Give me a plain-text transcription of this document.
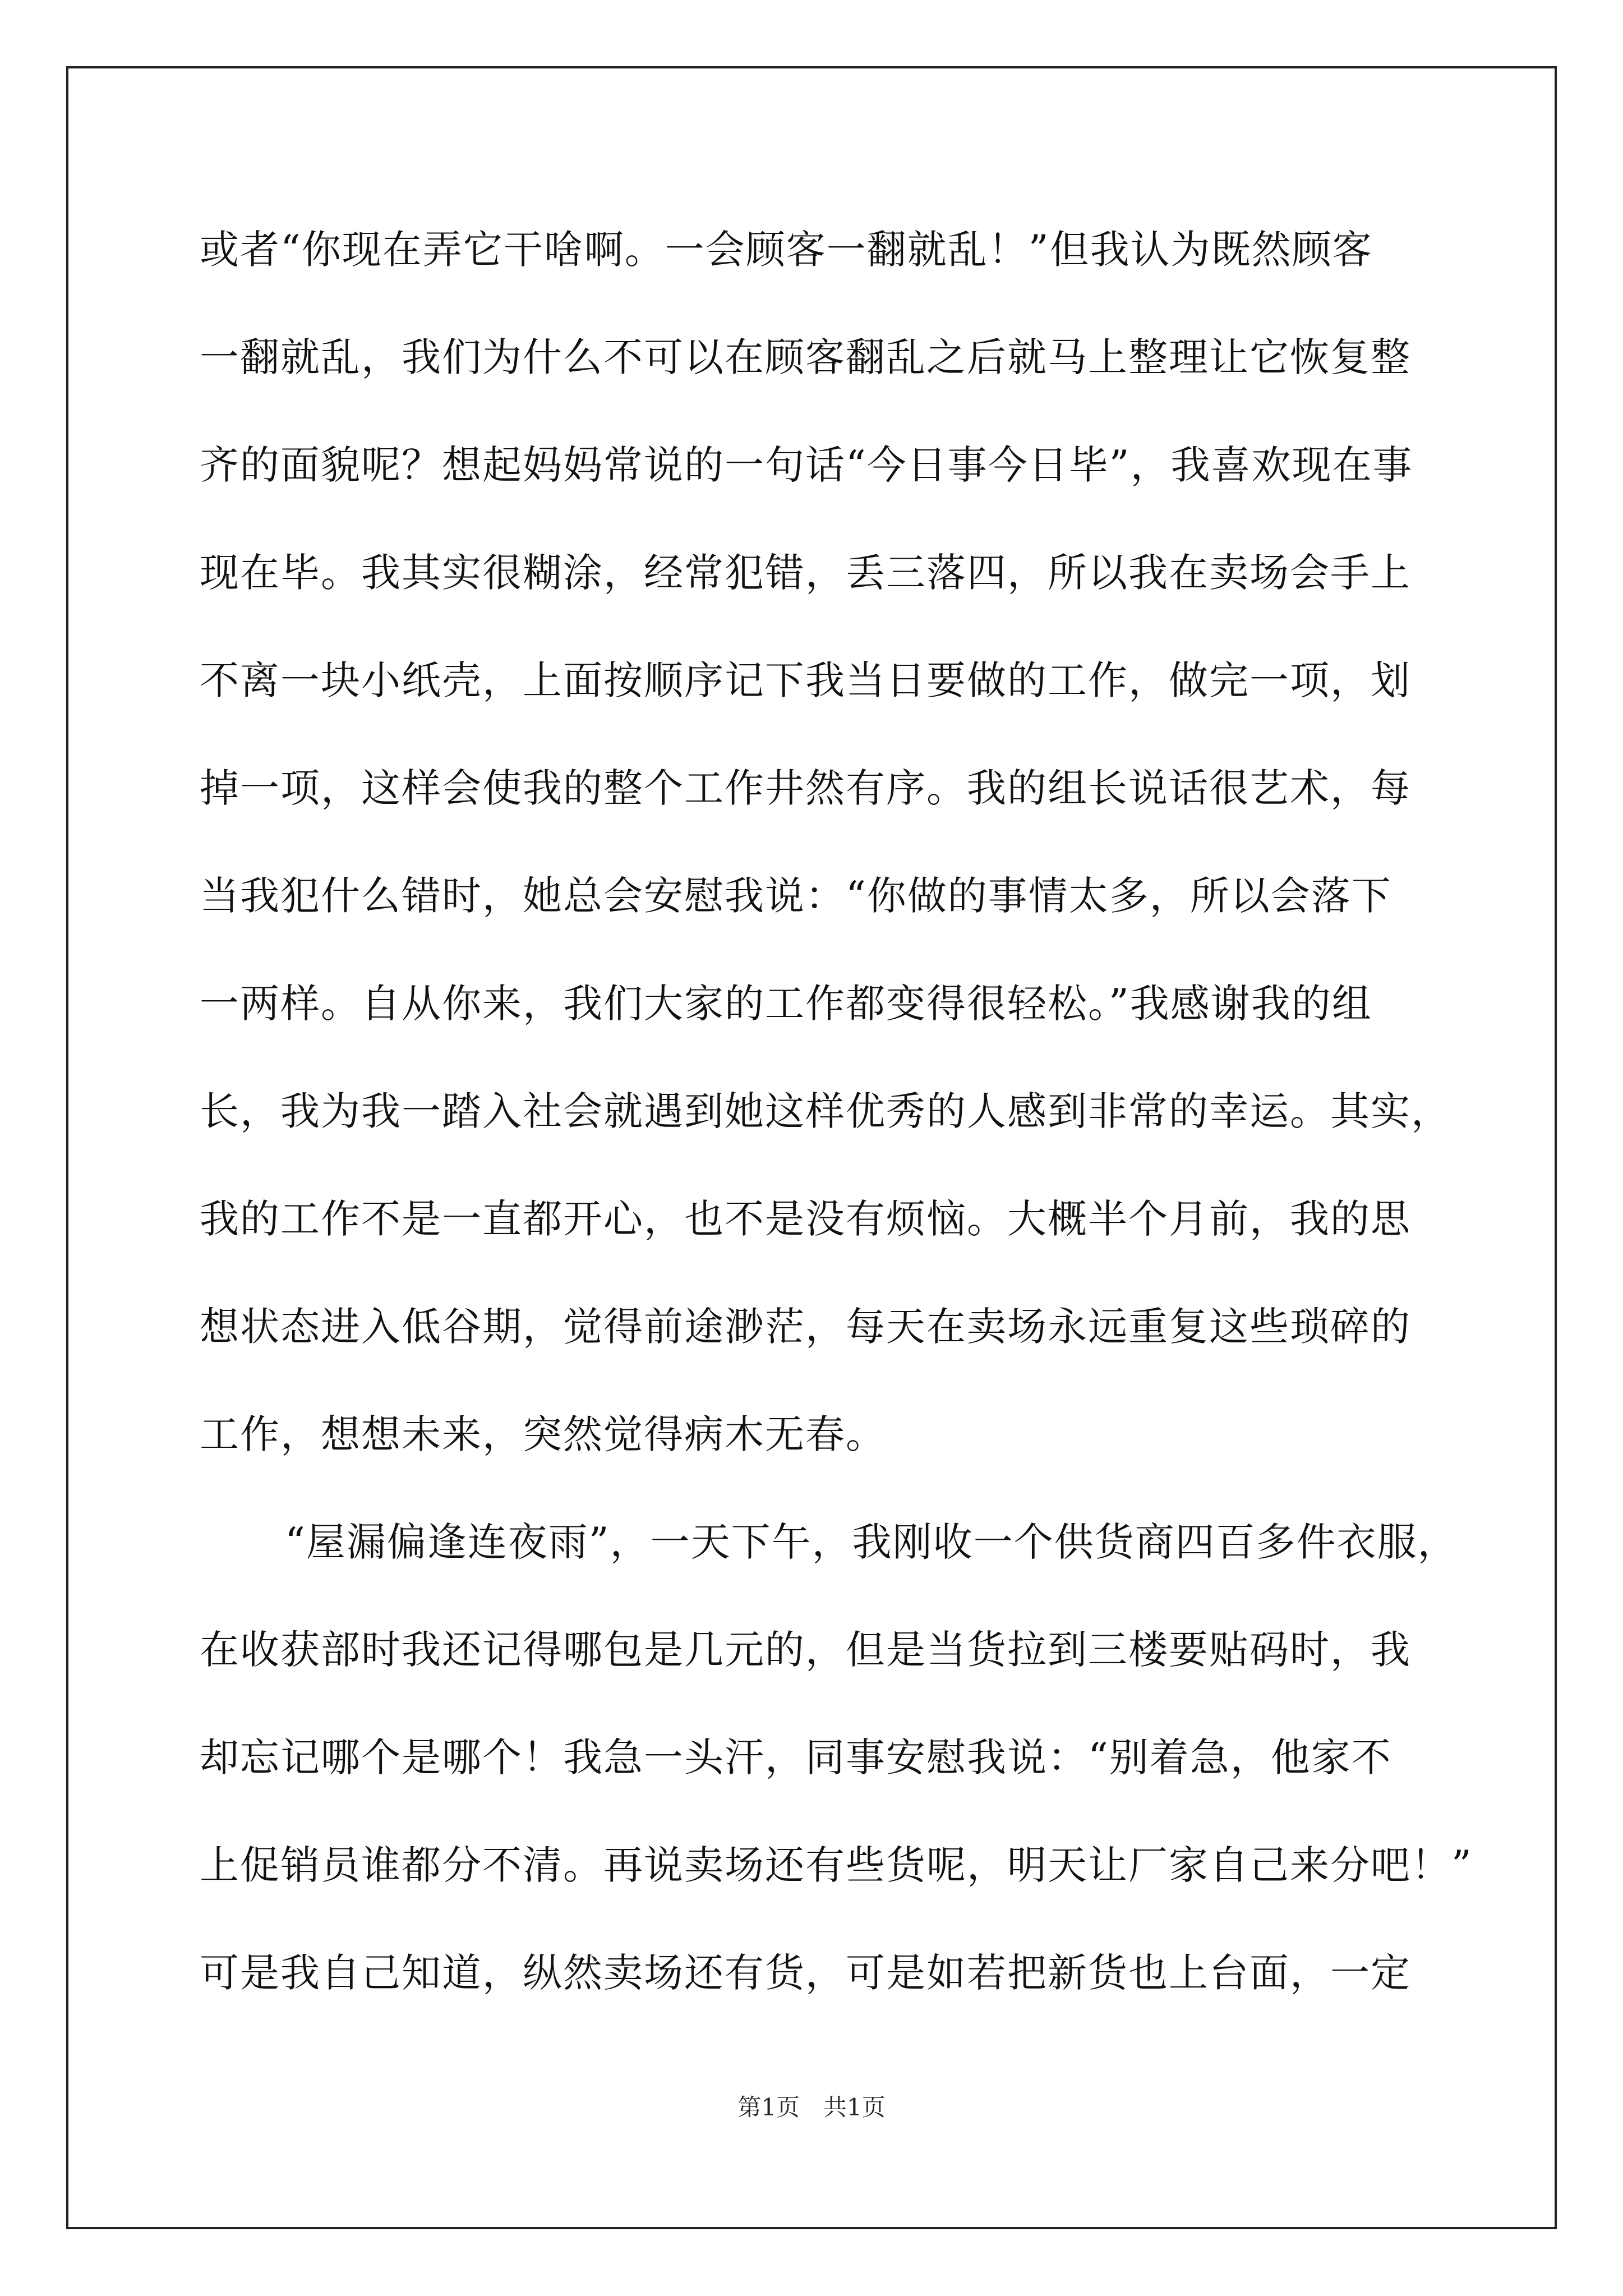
或者“你现在弄它干啥啊。一会顾客一翻就乱！”但我认为既然顾客
一翻就乱，我们为什么不可以在顾客翻乱之后就马上整理让它恢复整
齐的面貌呢？想起妈妈常说的一句话“今日事今日毕”，我喜欢现在事
现在毕。我其实很糊涂，经常犯错，丢三落四，所以我在卖场会手上
不离一块小纸壳，上面按顺序记下我当日要做的工作，做完一项，划
掉一项，这样会使我的整个工作井然有序。我的组长说话很艺术，每
当我犯什么错时，她总会安慰我说：“你做的事情太多，所以会落下
一两样。自从你来，我们大家的工作都变得很轻松。”我感谢我的组
长，我为我一踏入社会就遇到她这样优秀的人感到非常的幸运。其实，
我的工作不是一直都开心，也不是没有烦恼。大概半个月前，我的思
想状态进入低谷期，觉得前途渺茫，每天在卖场永远重复这些琐碎的
工作，想想未来，突然觉得病木无春。
“屋漏偏逢连夜雨”，一天下午，我刚收一个供货商四百多件衣服，
在收获部时我还记得哪包是几元的，但是当货拉到三楼要贴码时，我
却忘记哪个是哪个！我急一头汗，同事安慰我说：“别着急，他家不
上促销员谁都分不清。再说卖场还有些货呢，明天让厂家自己来分吧！”
可是我自己知道，纵然卖场还有货，可是如若把新货也上台面，一定
第1页　共1页
